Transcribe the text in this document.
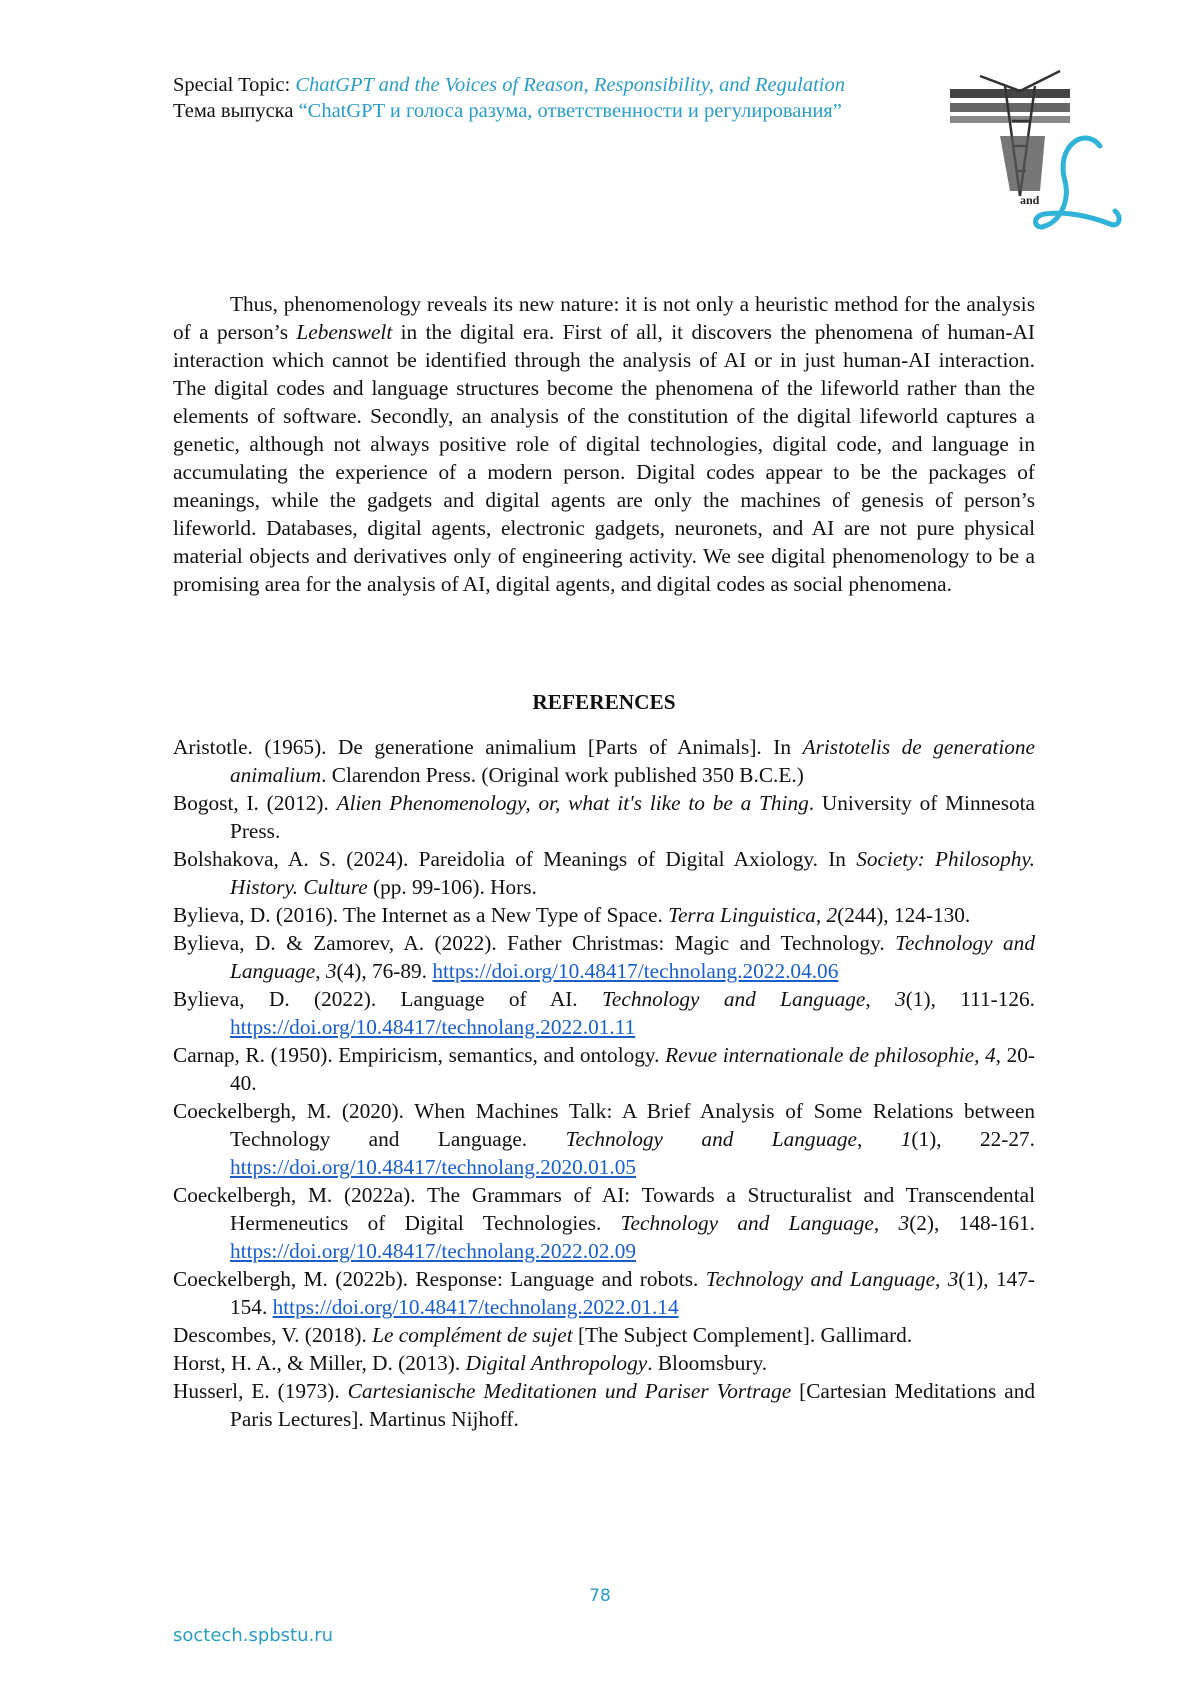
Special Topic: ChatGPT and the Voices of Reason, Responsibility, and Regulation
Тема выпуска “ChatGPT и голоса разума, ответственности и регулирования”
and
Thus, phenomenology reveals its new nature: it is not only a heuristic method for the analysis of a person’s Lebenswelt in the digital era. First of all, it discovers the phenomena of human-AI interaction which cannot be identified through the analysis of AI or in just human-AI interaction. The digital codes and language structures become the phenomena of the lifeworld rather than the elements of software. Secondly, an analysis of the constitution of the digital lifeworld captures a genetic, although not always positive role of digital technologies, digital code, and language in accumulating the experience of a modern person. Digital codes appear to be the packages of meanings, while the gadgets and digital agents are only the machines of genesis of person’s lifeworld. Databases, digital agents, electronic gadgets, neuronets, and AI are not pure physical material objects and derivatives only of engineering activity. We see digital phenomenology to be a promising area for the analysis of AI, digital agents, and digital codes as social phenomena.
REFERENCES
Aristotle. (1965). De generatione animalium [Parts of Animals]. In Aristotelis de generatione animalium. Clarendon Press. (Original work published 350 B.C.E.)
Bogost, I. (2012). Alien Phenomenology, or, what it's like to be a Thing. University of Minnesota Press.
Bolshakova, A. S. (2024). Pareidolia of Meanings of Digital Axiology. In Society: Philosophy. History. Culture (pp. 99-106). Hors.
Bylieva, D. (2016). The Internet as a New Type of Space. Terra Linguistica, 2(244), 124-130.
Bylieva, D. & Zamorev, A. (2022). Father Christmas: Magic and Technology. Technology and Language, 3(4), 76-89. https://doi.org/10.48417/technolang.2022.04.06
Bylieva, D. (2022). Language of AI. Technology and Language, 3(1), 111-126. https://doi.org/10.48417/technolang.2022.01.11
Carnap, R. (1950). Empiricism, semantics, and ontology. Revue internationale de philosophie, 4, 20-40.
Coeckelbergh, M. (2020). When Machines Talk: A Brief Analysis of Some Relations between Technology and Language. Technology and Language, 1(1), 22-27. https://doi.org/10.48417/technolang.2020.01.05
Coeckelbergh, M. (2022a). The Grammars of AI: Towards a Structuralist and Transcendental Hermeneutics of Digital Technologies. Technology and Language, 3(2), 148-161. https://doi.org/10.48417/technolang.2022.02.09
Coeckelbergh, M. (2022b). Response: Language and robots. Technology and Language, 3(1), 147-154. https://doi.org/10.48417/technolang.2022.01.14
Descombes, V. (2018). Le complément de sujet [The Subject Complement]. Gallimard.
Horst, H. A., & Miller, D. (2013). Digital Anthropology. Bloomsbury.
Husserl, E. (1973). Cartesianische Meditationen und Pariser Vortrage [Cartesian Meditations and Paris Lectures]. Martinus Nijhoff.
78
soctech.spbstu.ru
